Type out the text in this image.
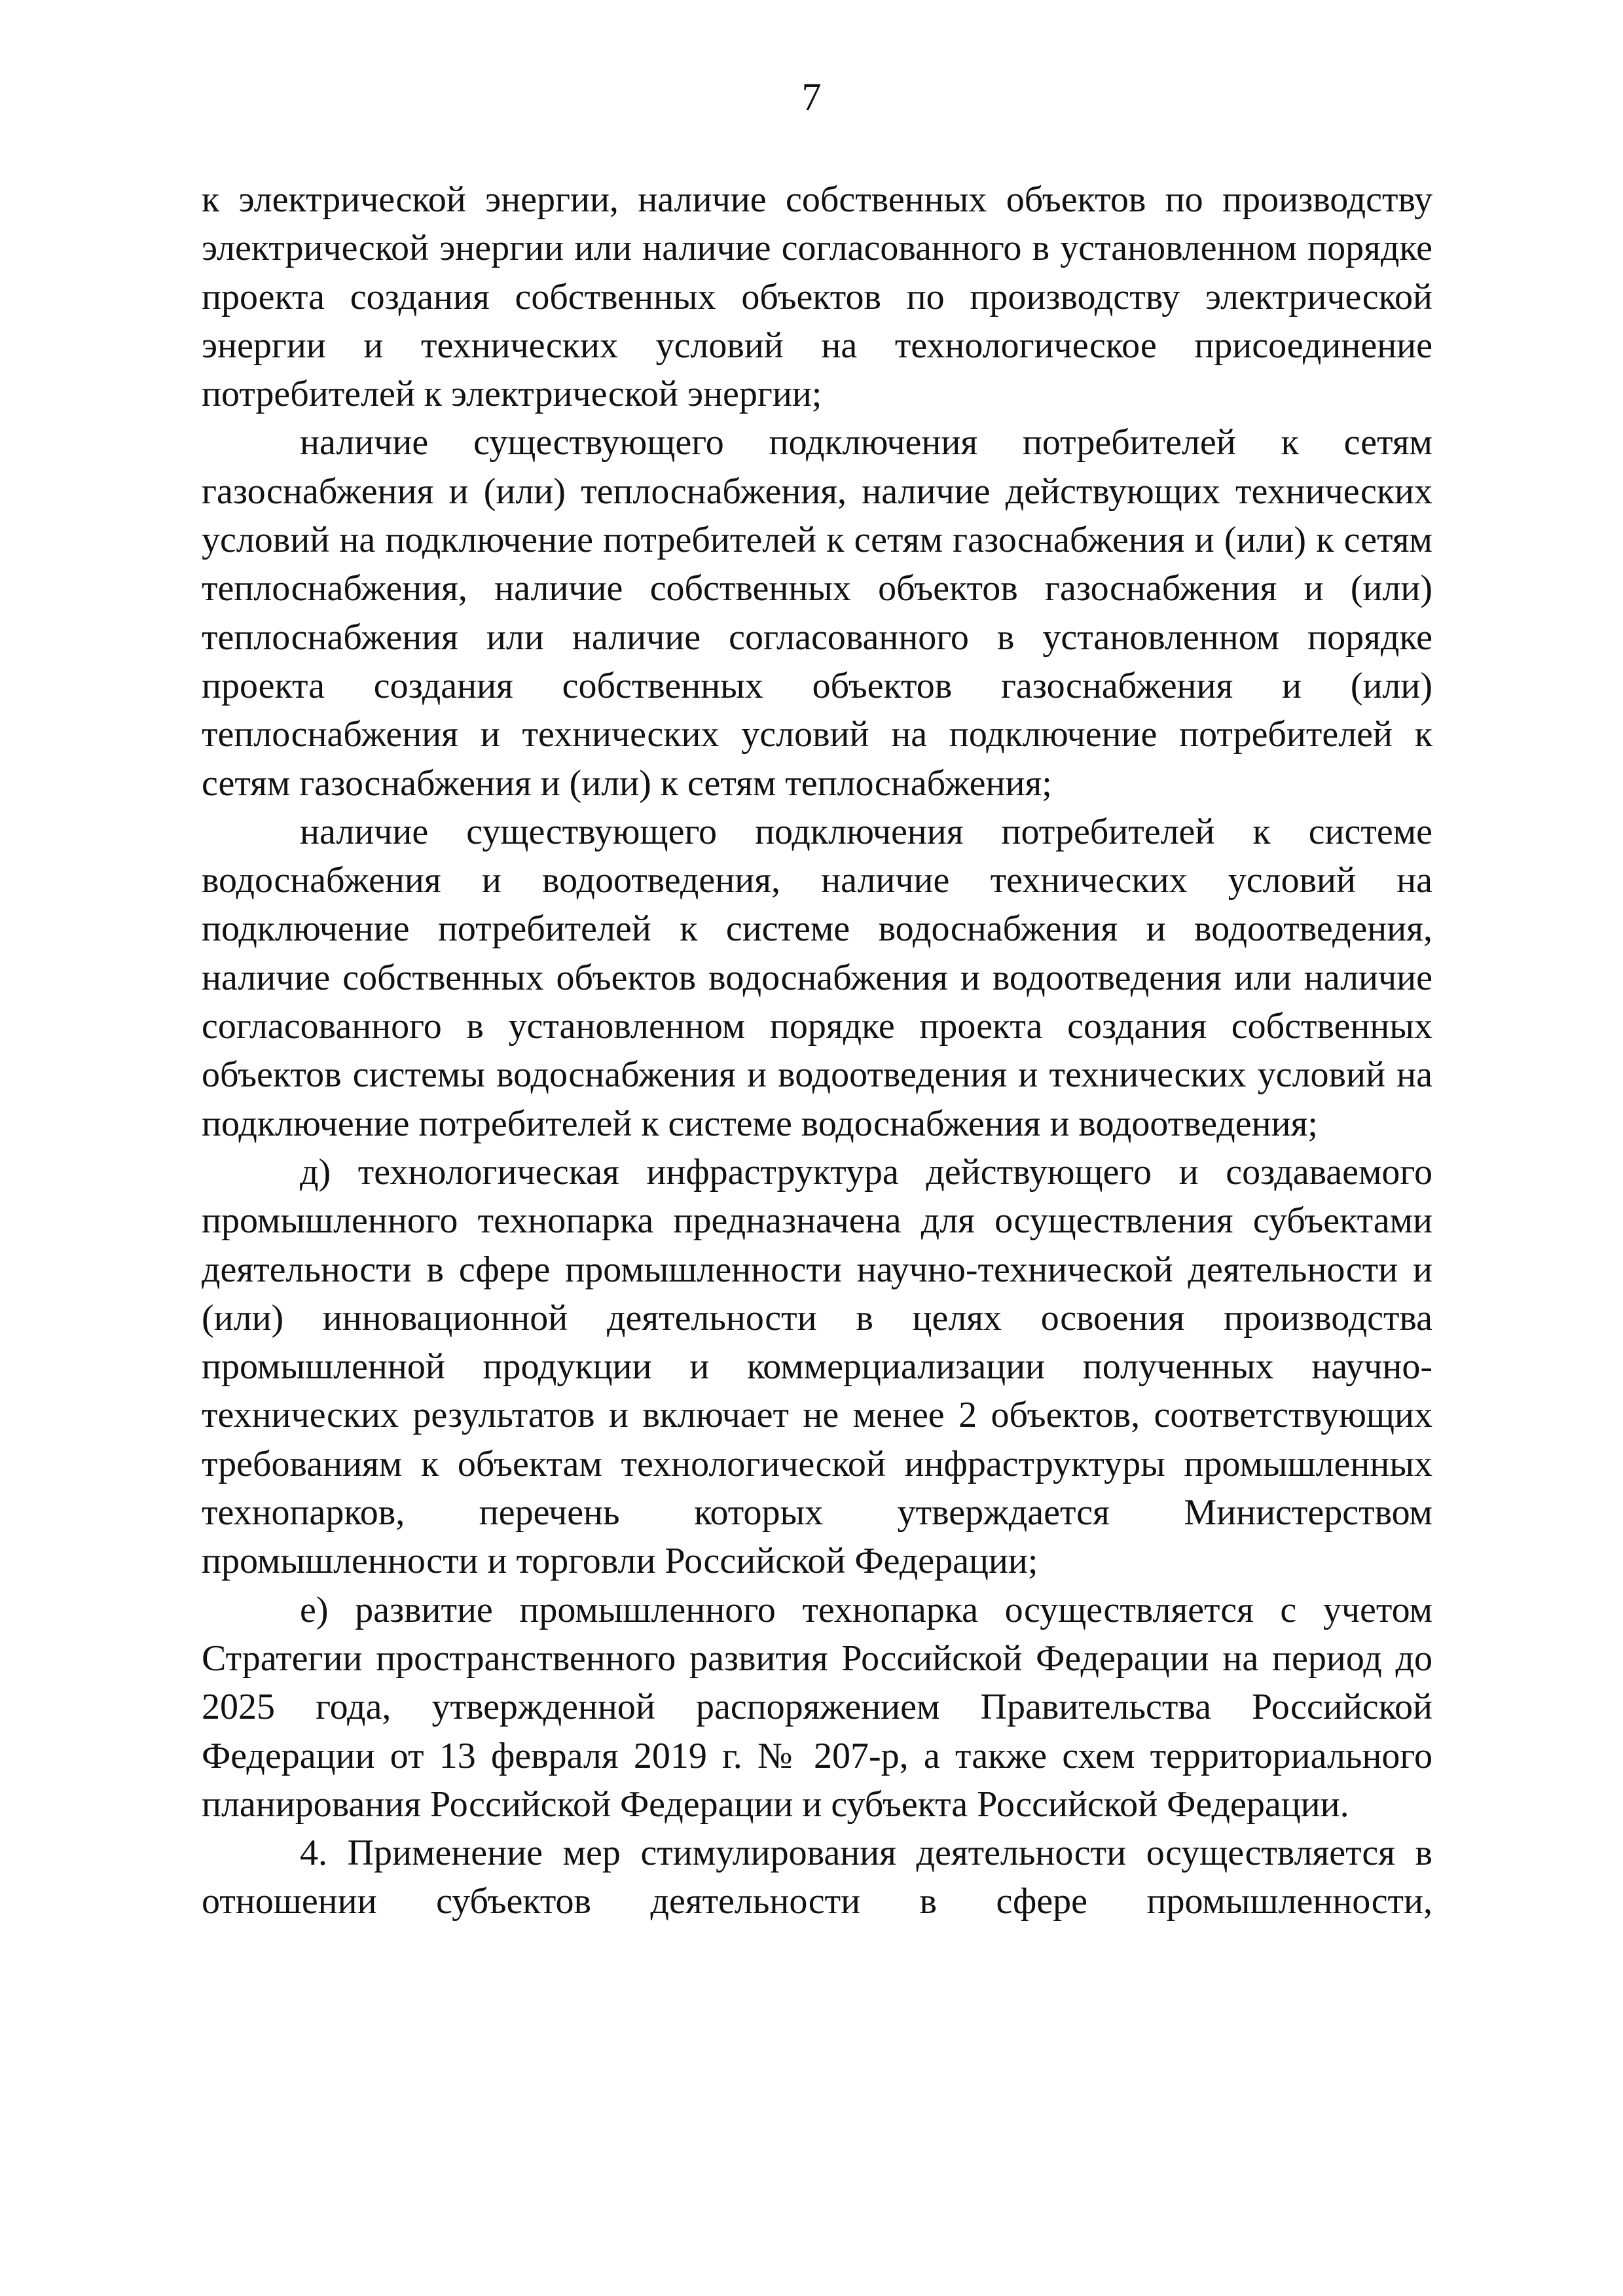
7

к электрической энергии, наличие собственных объектов по производству электрической энергии или наличие согласованного в установленном порядке проекта создания собственных объектов по производству электрической энергии и технических условий на технологическое присоединение потребителей к электрической энергии;

наличие существующего подключения потребителей к сетям газоснабжения и (или) теплоснабжения, наличие действующих технических условий на подключение потребителей к сетям газоснабжения и (или) к сетям теплоснабжения, наличие собственных объектов газоснабжения и (или) теплоснабжения или наличие согласованного в установленном порядке проекта создания собственных объектов газоснабжения и (или) теплоснабжения и технических условий на подключение потребителей к сетям газоснабжения и (или) к сетям теплоснабжения;

наличие существующего подключения потребителей к системе водоснабжения и водоотведения, наличие технических условий на подключение потребителей к системе водоснабжения и водоотведения, наличие собственных объектов водоснабжения и водоотведения или наличие согласованного в установленном порядке проекта создания собственных объектов системы водоснабжения и водоотведения и технических условий на подключение потребителей к системе водоснабжения и водоотведения;

д) технологическая инфраструктура действующего и создаваемого промышленного технопарка предназначена для осуществления субъектами деятельности в сфере промышленности научно-технической деятельности и (или) инновационной деятельности в целях освоения производства промышленной продукции и коммерциализации полученных научно-технических результатов и включает не менее 2 объектов, соответствующих требованиям к объектам технологической инфраструктуры промышленных технопарков, перечень которых утверждается Министерством промышленности и торговли Российской Федерации;

е) развитие промышленного технопарка осуществляется с учетом Стратегии пространственного развития Российской Федерации на период до 2025 года, утвержденной распоряжением Правительства Российской Федерации от 13 февраля 2019 г. № 207-р, а также схем территориального планирования Российской Федерации и субъекта Российской Федерации.

4. Применение мер стимулирования деятельности осуществляется в отношении субъектов деятельности в сфере промышленности,
